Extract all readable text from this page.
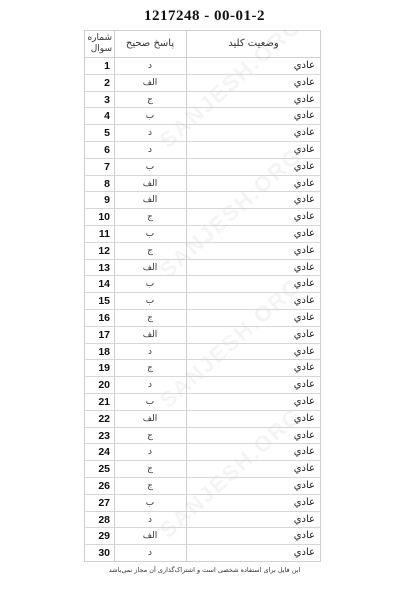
1217248 - 00-01-2
شماره سوال	پاسخ صحیح	وضعیت کلید
1	د	عادي
2	الف	عادي
3	ج	عادي
4	ب	عادي
5	د	عادي
6	د	عادي
7	ب	عادي
8	الف	عادي
9	الف	عادي
10	ج	عادي
11	ب	عادي
12	ج	عادي
13	الف	عادي
14	ب	عادي
15	ب	عادي
16	ج	عادي
17	الف	عادي
18	د	عادي
19	ج	عادي
20	د	عادي
21	ب	عادي
22	الف	عادي
23	ج	عادي
24	د	عادي
25	ج	عادي
26	ج	عادي
27	ب	عادي
28	د	عادي
29	الف	عادي
30	د	عادي
این فایل برای استفاده شخصی است و اشتراک‌گذاری آن مجاز نمی‌باشد
